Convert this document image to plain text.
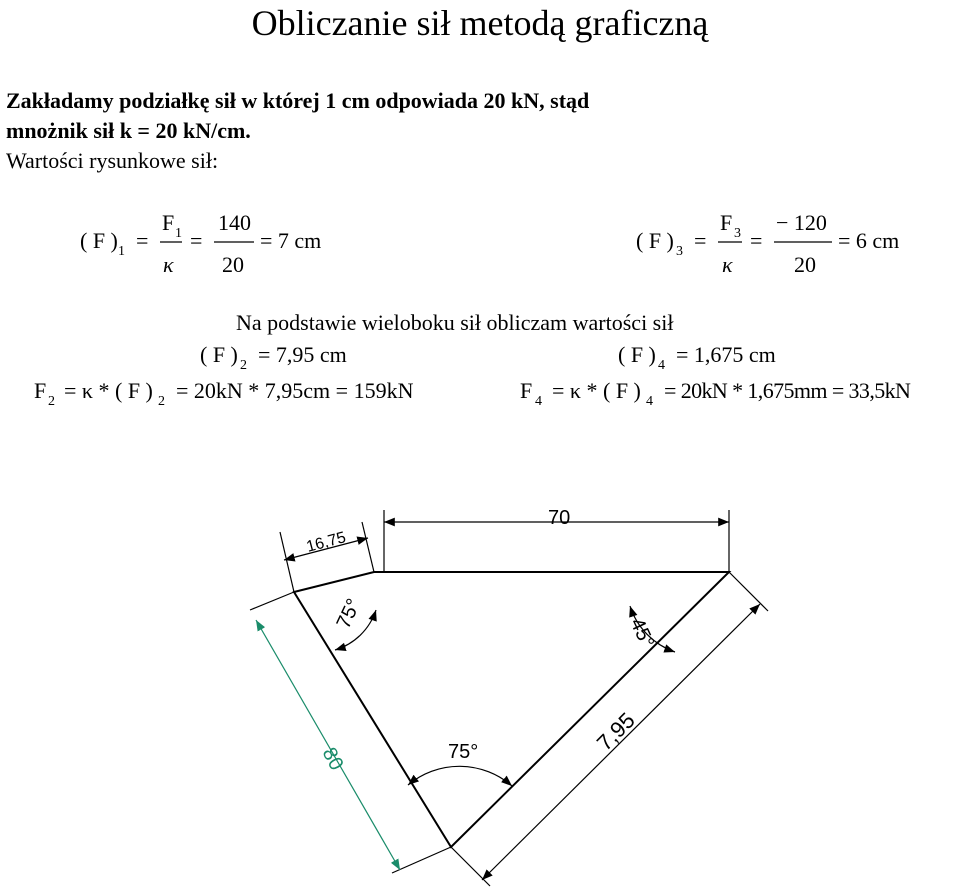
Obliczanie sił metodą graficzną
Zakładamy podziałkę sił w której 1 cm odpowiada 20 kN, stąd
mnożnik sił k = 20 kN/cm.
Wartości rysunkowe sił:
( F ) 1 =
F 1
κ
=
140
20
= 7 cm	( F ) 3 =
F 3
κ
=
− 120
20
= 6 cm
Na podstawie wieloboku sił obliczam wartości sił
( F ) 2 = 7,95 cm	( F ) 4 = 1,675 cm
F 2 = κ * ( F ) 2 = 20kN * 7,95cm = 159kN	F 4 = κ * ( F ) 4 = 20kN * 1,675mm = 33,5kN
70
16,75
80
7,95
75°
45°
75°
